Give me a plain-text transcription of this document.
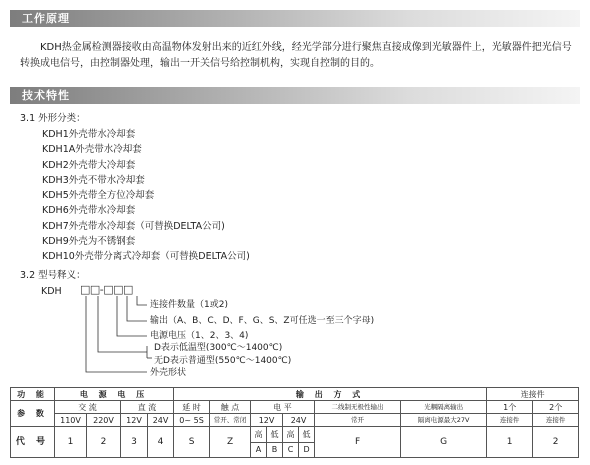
工作原理
KDH热金属检测器接收由高温物体发射出来的近红外线，经光学部分进行聚焦直接成像到光敏器件上，光敏器件把光信号转换成电信号，由控制器处理，输出一开关信号给控制机构，实现自控制的目的。
技术特性
3.1 外形分类：
KDH1外壳带水冷却套
KDH1A外壳带水冷却套
KDH2外壳带大冷却套
KDH3外壳不带水冷却套
KDH5外壳带全方位冷却套
KDH6外壳带水冷却套
KDH7外壳带水冷却套（可替换DELTA公司)
KDH9外壳为不锈钢套
KDH10外壳带分离式冷却套（可替换DELTA公司)
3.2 型号释义：
KDH □□-□□□
连接件数量（1或2)
输出（A、B、C、D、F、G、S、Z可任选一至三个字母)
电源电压（1、2、3、4)
D表示低温型(300℃～1400℃)
无D表示普通型(550℃～1400℃)
外壳形状
功 能	电 源 电 压				输 出 方 式								连接件	
参 数	交 流		直 流		延 时	触 点	电 平				二线制无极性输出	光耦隔离输出	1个	2个
	110V	220V	12V	24V	0~ 5S	常开、常闭	12V		24V		常开	隔离电源最大27V	连接件	连接件
代 号	1	2	3	4	S	Z	高	低	高	低	F	G	1	2
							A	B	C	D				
